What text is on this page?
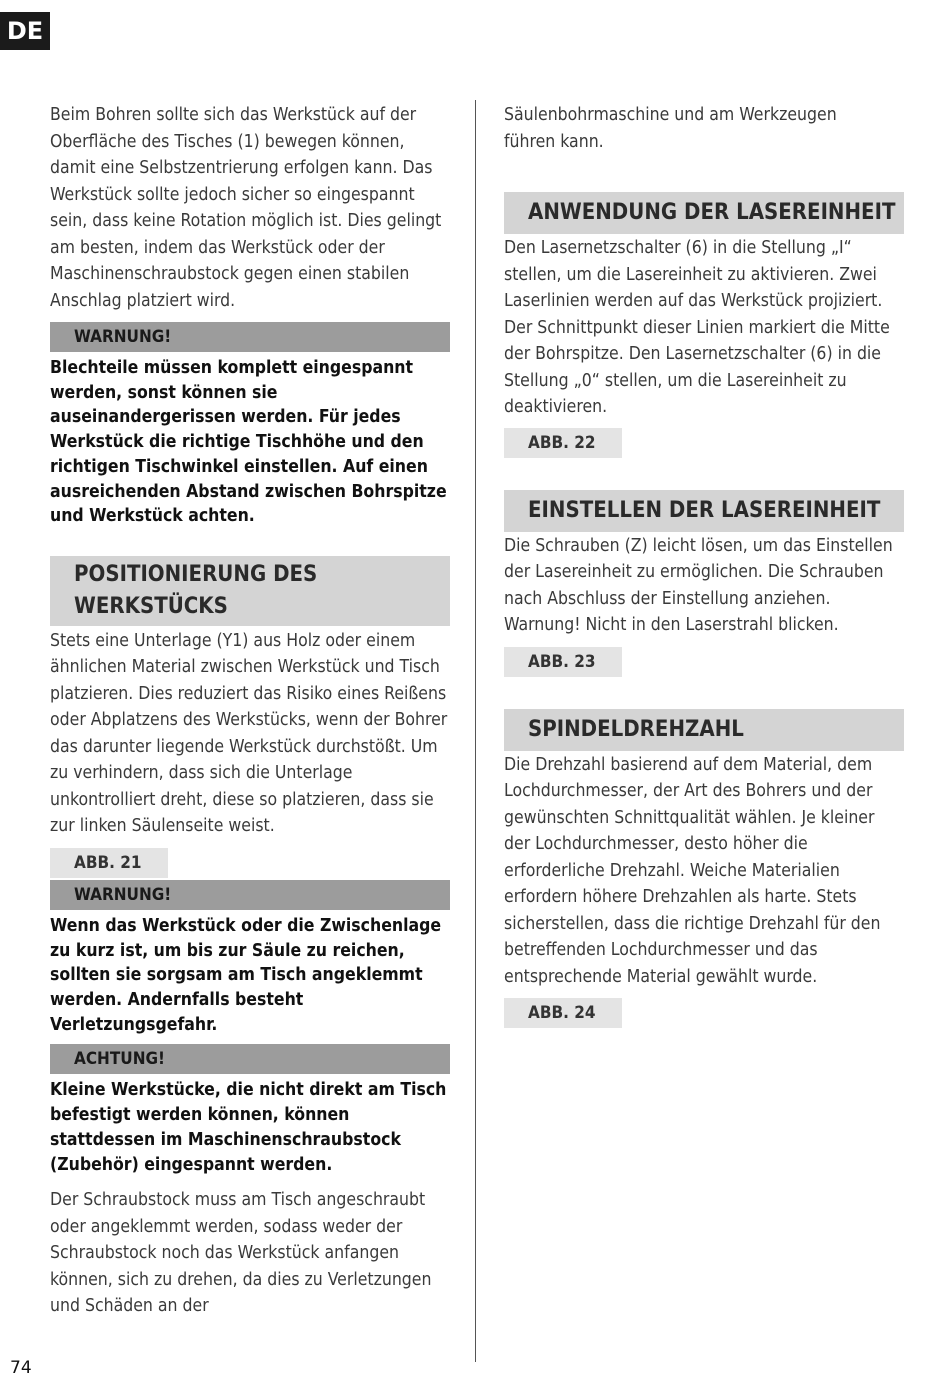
DE

Beim Bohren sollte sich das Werkstück auf der Oberfläche des Tisches (1) bewegen können, damit eine Selbstzentrierung erfolgen kann. Das Werkstück sollte jedoch sicher so eingespannt sein, dass keine Rotation möglich ist. Dies gelingt am besten, indem das Werkstück oder der Maschinenschraubstock gegen einen stabilen Anschlag platziert wird.

WARNUNG!

Blechteile müssen komplett eingespannt werden, sonst können sie auseinandergerissen werden. Für jedes Werkstück die richtige Tischhöhe und den richtigen Tischwinkel einstellen. Auf einen ausreichenden Abstand zwischen Bohrspitze und Werkstück achten.

POSITIONIERUNG DES WERKSTÜCKS

Stets eine Unterlage (Y1) aus Holz oder einem ähnlichen Material zwischen Werkstück und Tisch platzieren. Dies reduziert das Risiko eines Reißens oder Abplatzens des Werkstücks, wenn der Bohrer das darunter liegende Werkstück durchstößt. Um zu verhindern, dass sich die Unterlage unkontrolliert dreht, diese so platzieren, dass sie zur linken Säulenseite weist.

ABB. 21
WARNUNG!

Wenn das Werkstück oder die Zwischenlage zu kurz ist, um bis zur Säule zu reichen, sollten sie sorgsam am Tisch angeklemmt werden. Andernfalls besteht Verletzungsgefahr.

ACHTUNG!

Kleine Werkstücke, die nicht direkt am Tisch befestigt werden können, können stattdessen im Maschinenschraubstock (Zubehör) eingespannt werden.

Der Schraubstock muss am Tisch angeschraubt oder angeklemmt werden, sodass weder der Schraubstock noch das Werkstück anfangen können, sich zu drehen, da dies zu Verletzungen und Schäden an der

Säulenbohrmaschine und am Werkzeugen führen kann.

ANWENDUNG DER LASEREINHEIT

Den Lasernetzschalter (6) in die Stellung „I“ stellen, um die Lasereinheit zu aktivieren. Zwei Laserlinien werden auf das Werkstück projiziert. Der Schnittpunkt dieser Linien markiert die Mitte der Bohrspitze. Den Lasernetzschalter (6) in die Stellung „0“ stellen, um die Lasereinheit zu deaktivieren.

ABB. 22
EINSTELLEN DER LASEREINHEIT

Die Schrauben (Z) leicht lösen, um das Einstellen der Lasereinheit zu ermöglichen. Die Schrauben nach Abschluss der Einstellung anziehen. Warnung! Nicht in den Laserstrahl blicken.

ABB. 23
SPINDELDREHZAHL

Die Drehzahl basierend auf dem Material, dem Lochdurchmesser, der Art des Bohrers und der gewünschten Schnittqualität wählen. Je kleiner der Lochdurchmesser, desto höher die erforderliche Drehzahl. Weiche Materialien erfordern höhere Drehzahlen als harte. Stets sicherstellen, dass die richtige Drehzahl für den betreffenden Lochdurchmesser und das entsprechende Material gewählt wurde.

ABB. 24
74
